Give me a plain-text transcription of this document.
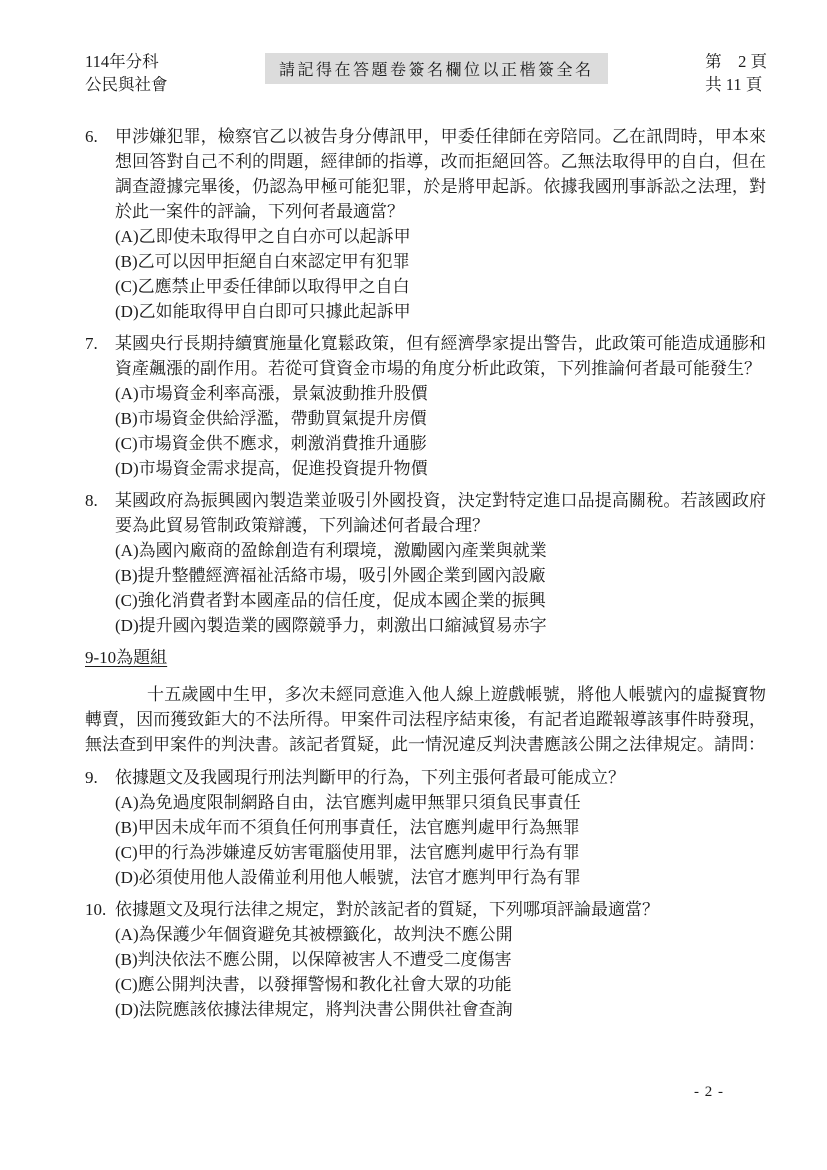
114年分科
公民與社會
請記得在答題卷簽名欄位以正楷簽全名	第　2 頁
共 11 頁
6.	甲涉嫌犯罪，檢察官乙以被告身分傳訊甲，甲委任律師在旁陪同。乙在訊問時，甲本來想回答對自己不利的問題，經律師的指導，改而拒絕回答。乙無法取得甲的自白，但在調查證據完畢後，仍認為甲極可能犯罪，於是將甲起訴。依據我國刑事訴訟之法理，對於此一案件的評論，下列何者最適當？
(A)乙即使未取得甲之自白亦可以起訴甲
(B)乙可以因甲拒絕自白來認定甲有犯罪
(C)乙應禁止甲委任律師以取得甲之自白
(D)乙如能取得甲自白即可只據此起訴甲
7.	某國央行長期持續實施量化寬鬆政策，但有經濟學家提出警告，此政策可能造成通膨和資產飆漲的副作用。若從可貸資金市場的角度分析此政策，下列推論何者最可能發生？
(A)市場資金利率高漲，景氣波動推升股價
(B)市場資金供給浮濫，帶動買氣提升房價
(C)市場資金供不應求，刺激消費推升通膨
(D)市場資金需求提高，促進投資提升物價
8.	某國政府為振興國內製造業並吸引外國投資，決定對特定進口品提高關稅。若該國政府要為此貿易管制政策辯護，下列論述何者最合理？
(A)為國內廠商的盈餘創造有利環境，激勵國內產業與就業
(B)提升整體經濟福祉活絡市場，吸引外國企業到國內設廠
(C)強化消費者對本國產品的信任度，促成本國企業的振興
(D)提升國內製造業的國際競爭力，刺激出口縮減貿易赤字
9-10為題組
十五歲國中生甲，多次未經同意進入他人線上遊戲帳號，將他人帳號內的虛擬寶物轉賣，因而獲致鉅大的不法所得。甲案件司法程序結束後，有記者追蹤報導該事件時發現，無法查到甲案件的判決書。該記者質疑，此一情況違反判決書應該公開之法律規定。請問：
9.	依據題文及我國現行刑法判斷甲的行為，下列主張何者最可能成立？
(A)為免過度限制網路自由，法官應判處甲無罪只須負民事責任
(B)甲因未成年而不須負任何刑事責任，法官應判處甲行為無罪
(C)甲的行為涉嫌違反妨害電腦使用罪，法官應判處甲行為有罪
(D)必須使用他人設備並利用他人帳號，法官才應判甲行為有罪
10. 依據題文及現行法律之規定，對於該記者的質疑，下列哪項評論最適當？
(A)為保護少年個資避免其被標籤化，故判決不應公開
(B)判決依法不應公開，以保障被害人不遭受二度傷害
(C)應公開判決書，以發揮警惕和教化社會大眾的功能
(D)法院應該依據法律規定，將判決書公開供社會查詢
- 2 -
